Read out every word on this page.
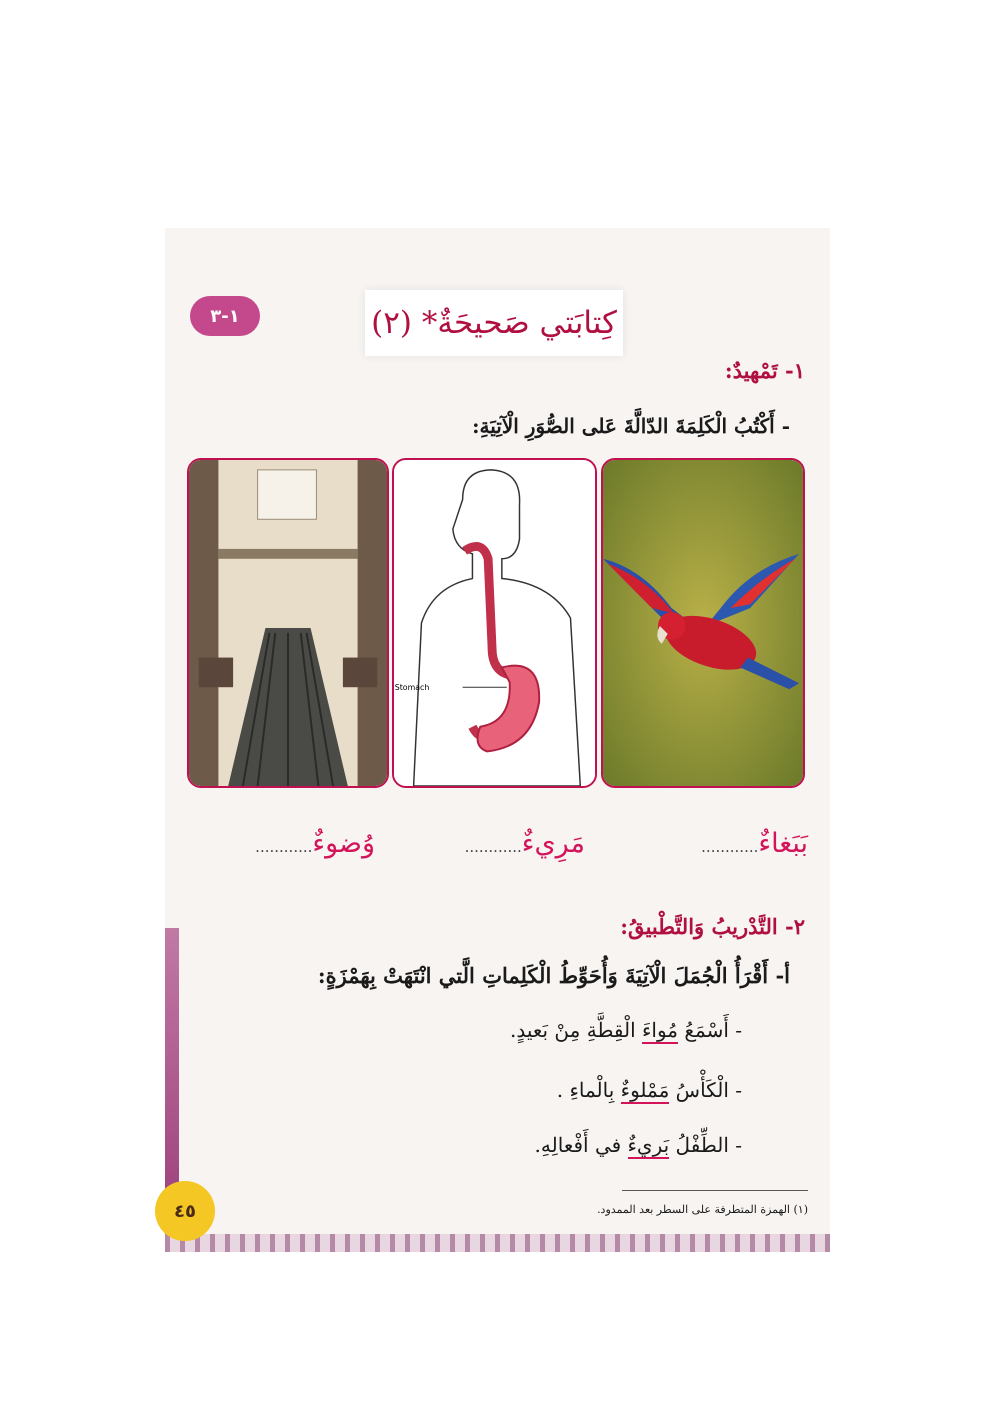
كِتابَتي صَحيحَةٌ* (٢)
١-٣
١- تَمْهيدٌ:
- أَكْتُبُ الْكَلِمَةَ الدّالَّةَ عَلى الصُّوَرِ الْآتِيَةِ:
Stomach
بَبَغاءٌ............
مَرِيءٌ............
وُضوءٌ............
٢- التَّدْريبُ وَالتَّطْبيقُ:
أ- أَقْرَأُ الْجُمَلَ الْآتِيَةَ وَأُحَوِّطُ الْكَلِماتِ الَّتي انْتَهَتْ بِهَمْزَةٍ:
- أَسْمَعُ مُواءَ الْقِطَّةِ مِنْ بَعيدٍ.
- الْكَأْسُ مَمْلوءٌ بِالْماءِ .
- الطِّفْلُ بَريءٌ في أَفْعالِهِ.
(١) الهمزة المتطرفة على السطر بعد الممدود.
٤٥
